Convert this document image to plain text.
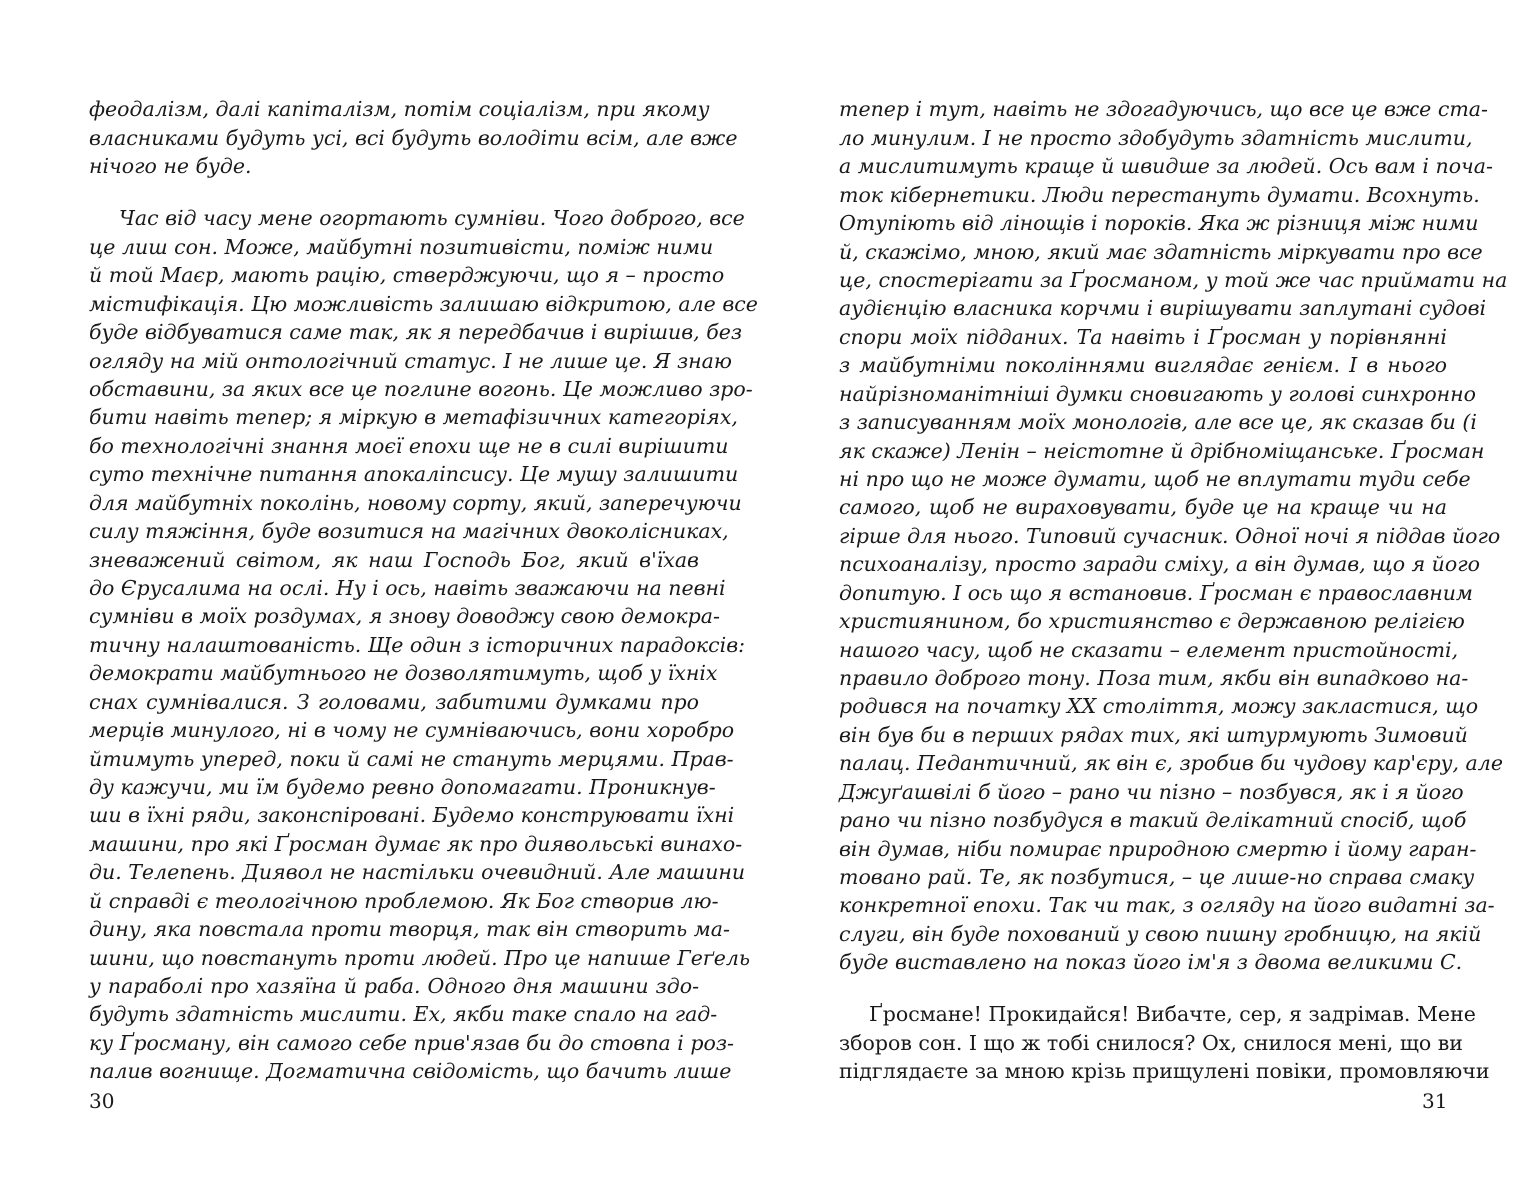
феодалізм, далі капіталізм, потім соціалізм, при якому

власниками будуть усі, всі будуть володіти всім, але вже

нічого не буде.

Час від часу мене огортають сумніви. Чого доброго, все

це лиш сон. Може, майбутні позитивісти, поміж ними

й той Маєр, мають рацію, стверджуючи, що я – просто

містифікація. Цю можливість залишаю відкритою, але все

буде відбуватися саме так, як я передбачив і вирішив, без

огляду на мій онтологічний статус. І не лише це. Я знаю

обставини, за яких все це поглине вогонь. Це можливо зро-

бити навіть тепер; я міркую в метафізичних категоріях,

бо технологічні знання моєї епохи ще не в силі вирішити

суто технічне питання апокаліпсису. Це мушу залишити

для майбутніх поколінь, новому сорту, який, заперечуючи

силу тяжіння, буде возитися на магічних двоколісниках,

зневажений світом, як наш Господь Бог, який в'їхав

до Єрусалима на ослі. Ну і ось, навіть зважаючи на певні

сумніви в моїх роздумах, я знову доводжу свою демокра-

тичну налаштованість. Ще один з історичних парадоксів:

демократи майбутнього не дозволятимуть, щоб у їхніх

снах сумнівалися. З головами, забитими думками про

мерців минулого, ні в чому не сумніваючись, вони хоробро

йтимуть уперед, поки й самі не стануть мерцями. Прав-

ду кажучи, ми їм будемо ревно допомагати. Проникнув-

ши в їхні ряди, законспіровані. Будемо конструювати їхні

машини, про які Ґросман думає як про диявольські винахо-

ди. Телепень. Диявол не настільки очевидний. Але машини

й справді є теологічною проблемою. Як Бог створив лю-

дину, яка повстала проти творця, так він створить ма-

шини, що повстануть проти людей. Про це напише Геґель

у параболі про хазяїна й раба. Одного дня машини здо-

будуть здатність мислити. Ех, якби таке спало на гад-

ку Ґросману, він самого себе прив'язав би до стовпа і роз-

палив вогнище. Догматична свідомість, що бачить лише

30

тепер і тут, навіть не здогадуючись, що все це вже ста-

ло минулим. І не просто здобудуть здатність мислити,

а мислитимуть краще й швидше за людей. Ось вам і поча-

ток кібернетики. Люди перестануть думати. Всохнуть.

Отупіють від лінощів і пороків. Яка ж різниця між ними

й, скажімо, мною, який має здатність міркувати про все

це, спостерігати за Ґросманом, у той же час приймати на

аудієнцію власника корчми і вирішувати заплутані судові

спори моїх підданих. Та навіть і Ґросман у порівнянні

з майбутніми поколіннями виглядає генієм. І в нього

найрізноманітніші думки сновигають у голові синхронно

з записуванням моїх монологів, але все це, як сказав би (і

як скаже) Ленін – неістотне й дрібноміщанське. Ґросман

ні про що не може думати, щоб не вплутати туди себе

самого, щоб не вираховувати, буде це на краще чи на

гірше для нього. Типовий сучасник. Одної ночі я піддав його

психоаналізу, просто заради сміху, а він думав, що я його

допитую. І ось що я встановив. Ґросман є православним

християнином, бо християнство є державною релігією

нашого часу, щоб не сказати – елемент пристойності,

правило доброго тону. Поза тим, якби він випадково на-

родився на початку XX століття, можу закластися, що

він був би в перших рядах тих, які штурмують Зимовий

палац. Педантичний, як він є, зробив би чудову кар'єру, але

Джуґашвілі б його – рано чи пізно – позбувся, як і я його

рано чи пізно позбудуся в такий делікатний спосіб, щоб

він думав, ніби помирає природною смертю і йому гаран-

товано рай. Те, як позбутися, – це лише-но справа смаку

конкретної епохи. Так чи так, з огляду на його видатні за-

слуги, він буде похований у свою пишну гробницю, на якій

буде виставлено на показ його ім'я з двома великими С.

Ґросмане! Прокидайся! Вибачте, сер, я задрімав. Мене

зборов сон. І що ж тобі снилося? Ох, снилося мені, що ви

підглядаєте за мною крізь прищулені повіки, промовляючи

31
